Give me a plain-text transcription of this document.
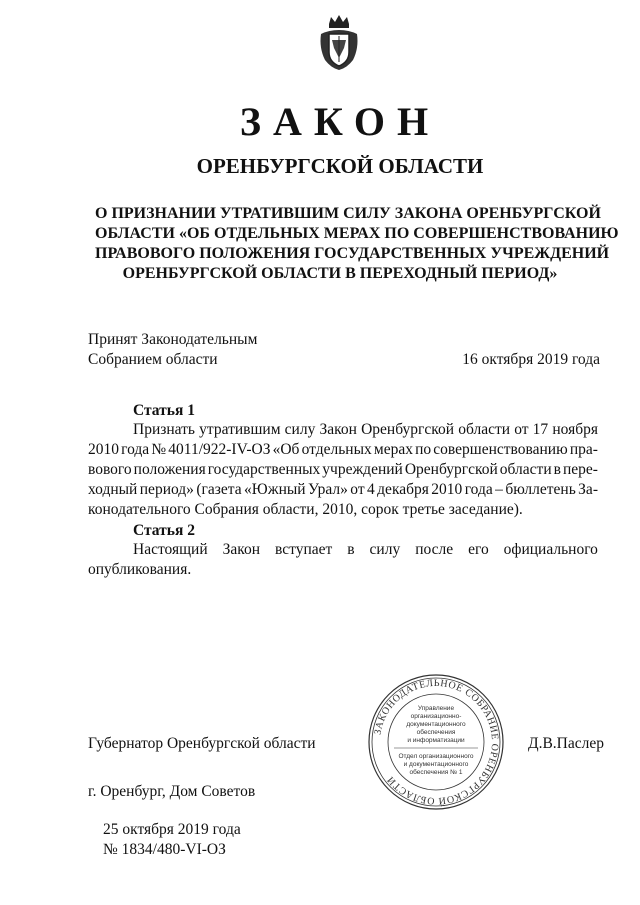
ЗАКОН
ОРЕНБУРГСКОЙ ОБЛАСТИ
О ПРИЗНАНИИ УТРАТИВШИМ СИЛУ ЗАКОНА ОРЕНБУРГСКОЙ
ОБЛАСТИ «ОБ ОТДЕЛЬНЫХ МЕРАХ ПО СОВЕРШЕНСТВОВАНИЮ
ПРАВОВОГО ПОЛОЖЕНИЯ ГОСУДАРСТВЕННЫХ УЧРЕЖДЕНИЙ
ОРЕНБУРГСКОЙ ОБЛАСТИ В ПЕРЕХОДНЫЙ ПЕРИОД»
Принят Законодательным
Собранием области	16 октября 2019 года
Статья 1
Признать утратившим силу Закон Оренбургской области от 17 ноября
2010 года № 4011/922-IV-ОЗ «Об отдельных мерах по совершенствованию пра-
вового положения государственных учреждений Оренбургской области в пере-
ходный период» (газета «Южный Урал» от 4 декабря 2010 года – бюллетень За-
конодательного Собрания области, 2010, сорок третье заседание).
Статья 2
Настоящий Закон вступает в силу после его официального
опубликования.
Губернатор Оренбургской области	Д.В.Паслер
ЗАКОНОДАТЕЛЬНОЕ СОБРАНИЕ ОРЕНБУРГСКОЙ ОБЛАСТИ
Управление
организационно-
документационного
обеспечения
и информатизации
Отдел организационного
и документационного
обеспечения № 1
г. Оренбург, Дом Советов
25 октября 2019 года
№ 1834/480-VI-ОЗ
